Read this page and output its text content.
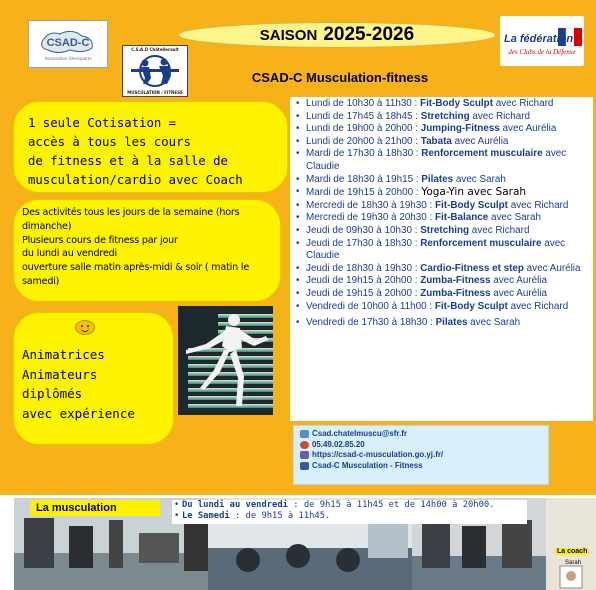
CSAD-C
Association Omnisports
C.S.A.D Châtellerault
MUSCULATION / FITNESS
SAISON 2025-2026	La fédération
des Clubs de la Défense
CSAD-C Musculation-fitness

1 seule Cotisation =

accès à tous les cours

de fitness et à la salle de

musculation/cardio avec Coach

Des activités tous les jours de la semaine (hors dimanche)

Plusieurs cours de fitness par jour

du lundi au vendredi

ouverture salle matin après-midi & soir ( matin le samedi)

Animatrices

Animateurs

diplômés

avec expérience

• Lundi de 10h30 à 11h30 : Fit-Body Sculpt avec Richard
• Lundi de 17h45 à 18h45 : Stretching avec Richard
• Lundi de 19h00 à 20h00 : Jumping-Fitness avec Aurélia
• Lundi de 20h00 à 21h00 : Tabata avec Aurélia
• Mardi de 17h30 à 18h30 : Renforcement musculaire avec Claudie
• Mardi de 18h30 à 19h15 : Pilates avec Sarah
• Mardi de 19h15 à 20h00 : Yoga-Yin avec Sarah
• Mercredi de 18h30 à 19h30 : Fit-Body Sculpt avec Richard
• Mercredi de 19h30 à 20h30 : Fit-Balance avec Sarah
• Jeudi de 09h30 à 10h30 : Stretching avec Richard
• Jeudi de 17h30 à 18h30 : Renforcement musculaire avec Claudie
• Jeudi de 18h30 à 19h30 : Cardio-Fitness et step avec Aurélia
• Jeudi de 19h15 à 20h00 : Zumba-Fitness avec Aurélia
• Jeudi de 19h15 à 20h00 : Zumba-Fitness avec Aurélia
• Vendredi de 10h00 à 11h00 : Fit-Body Sculpt avec Richard
• Vendredi de 17h30 à 18h30 : Pilates avec Sarah
Csad.chatelmuscu@sfr.fr
05.49.02.85.20
https://csad-c-musculation.go.yj.fr/
Csad-C Musculation - Fitness
La musculation
•	Du lundi au vendredi : de 9h15 à 11h45 et de 14h00 à 20h00.
• Le Samedi : de 9h15 à 11h45.
La coach
Sarah
